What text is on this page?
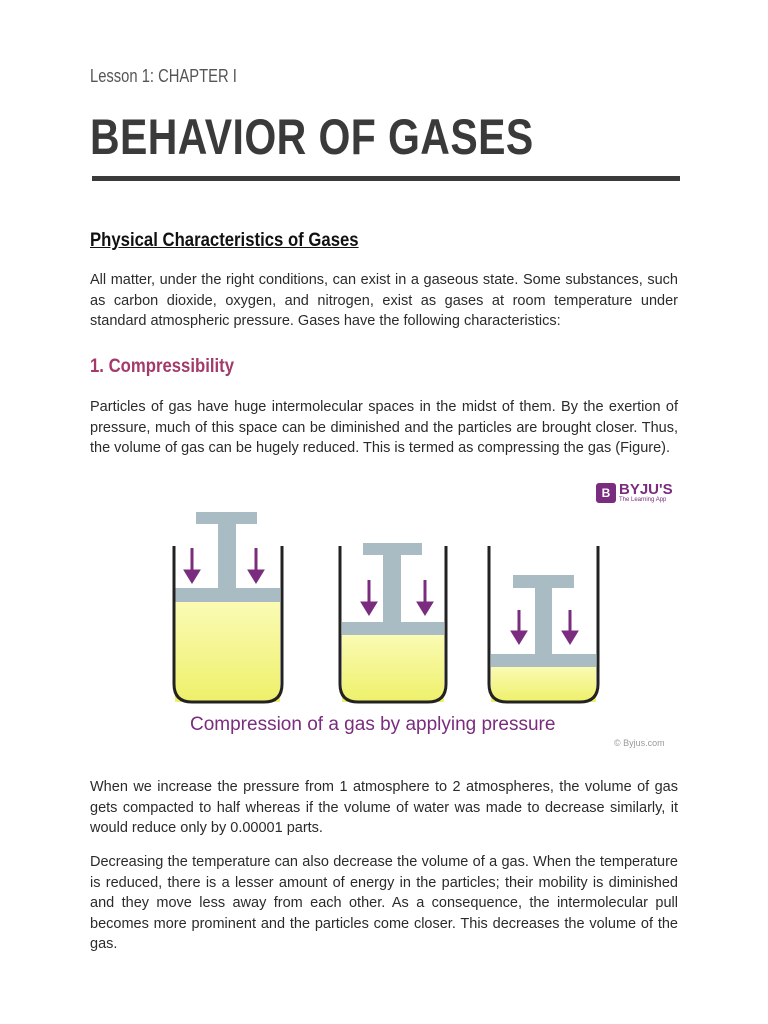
Lesson 1: CHAPTER I
BEHAVIOR OF GASES
Physical Characteristics of Gases
All matter, under the right conditions, can exist in a gaseous state. Some substances, such as carbon dioxide, oxygen, and nitrogen, exist as gases at room temperature under standard atmospheric pressure. Gases have the following characteristics:
1. Compressibility
Particles of gas have huge intermolecular spaces in the midst of them. By the exertion of pressure, much of this space can be diminished and the particles are brought closer. Thus, the volume of gas can be hugely reduced. This is termed as compressing the gas (Figure).
B BYJU'S
The Learning App
Compression of a gas by applying pressure
© Byjus.com
When we increase the pressure from 1 atmosphere to 2 atmospheres, the volume of gas gets compacted to half whereas if the volume of water was made to decrease similarly, it would reduce only by 0.00001 parts.
Decreasing the temperature can also decrease the volume of a gas. When the temperature is reduced, there is a lesser amount of energy in the particles; their mobility is diminished and they move less away from each other. As a consequence, the intermolecular pull becomes more prominent and the particles come closer. This decreases the volume of the gas.
